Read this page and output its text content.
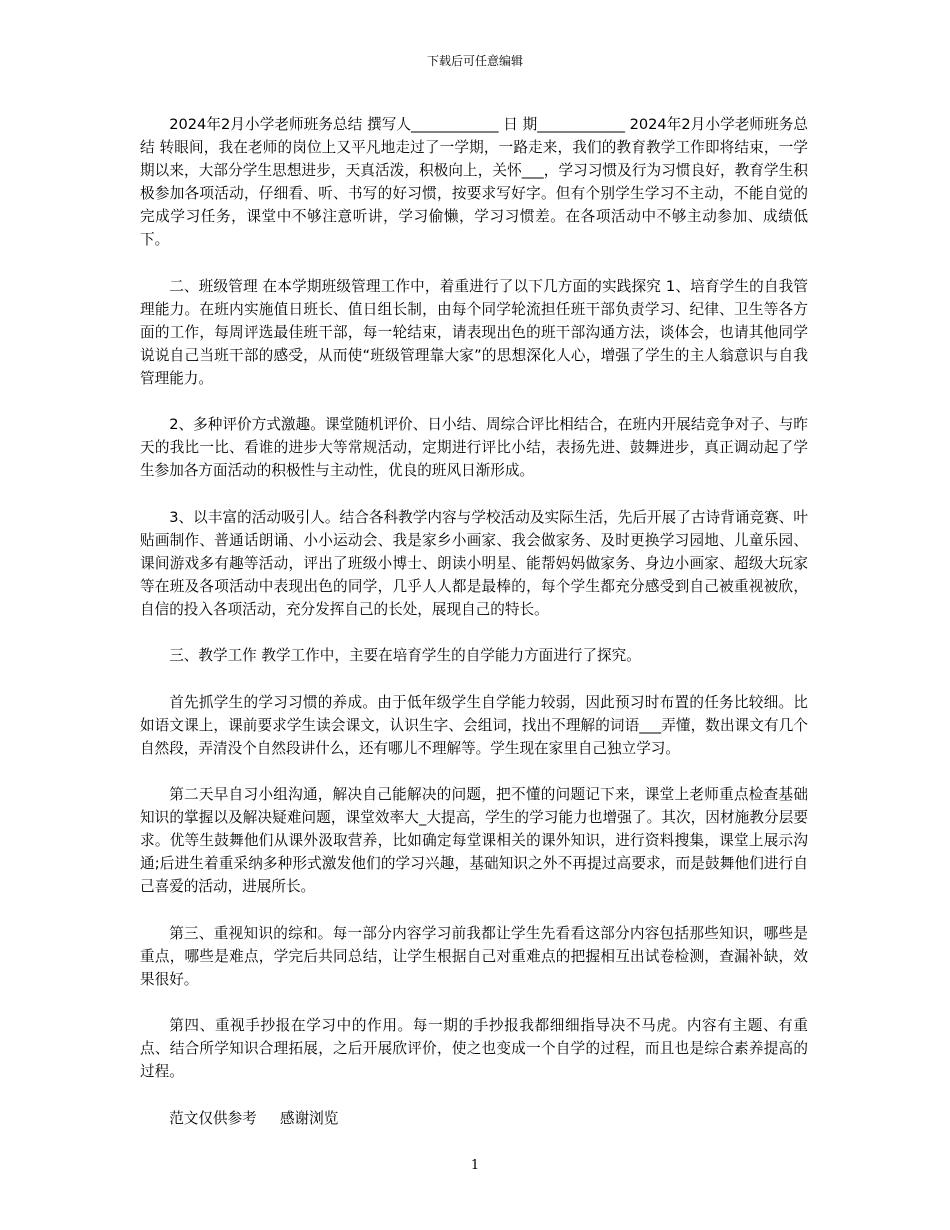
下载后可任意编辑

2024年2月小学老师班务总结 撰写人____________ 日 期____________ 2024年2月小学老师班务总结 转眼间，我在老师的岗位上又平凡地走过了一学期，一路走来，我们的教育教学工作即将结束，一学期以来，大部分学生思想进步，天真活泼，积极向上，关怀___，学习习惯及行为习惯良好，教育学生积极参加各项活动，仔细看、听、书写的好习惯，按要求写好字。但有个别学生学习不主动，不能自觉的完成学习任务，课堂中不够注意听讲，学习偷懒，学习习惯差。在各项活动中不够主动参加、成绩低下。

二、班级管理 在本学期班级管理工作中，着重进行了以下几方面的实践探究 1、培育学生的自我管理能力。在班内实施值日班长、值日组长制，由每个同学轮流担任班干部负责学习、纪律、卫生等各方面的工作，每周评选最佳班干部，每一轮结束，请表现出色的班干部沟通方法，谈体会，也请其他同学说说自己当班干部的感受，从而使“班级管理靠大家”的思想深化人心，增强了学生的主人翁意识与自我管理能力。

2、多种评价方式激趣。课堂随机评价、日小结、周综合评比相结合，在班内开展结竞争对子、与昨天的我比一比、看谁的进步大等常规活动，定期进行评比小结，表扬先进、鼓舞进步，真正调动起了学生参加各方面活动的积极性与主动性，优良的班风日渐形成。

3、以丰富的活动吸引人。结合各科教学内容与学校活动及实际生活，先后开展了古诗背诵竞赛、叶贴画制作、普通话朗诵、小小运动会、我是家乡小画家、我会做家务、及时更换学习园地、儿童乐园、课间游戏多有趣等活动，评出了班级小博士、朗读小明星、能帮妈妈做家务、身边小画家、超级大玩家等在班及各项活动中表现出色的同学，几乎人人都是最棒的，每个学生都充分感受到自己被重视被欣，自信的投入各项活动，充分发挥自己的长处，展现自己的特长。

三、教学工作 教学工作中，主要在培育学生的自学能力方面进行了探究。

首先抓学生的学习习惯的养成。由于低年级学生自学能力较弱，因此预习时布置的任务比较细。比如语文课上，课前要求学生读会课文，认识生字、会组词，找出不理解的词语___弄懂，数出课文有几个自然段，弄清没个自然段讲什么，还有哪儿不理解等。学生现在家里自己独立学习。

第二天早自习小组沟通，解决自己能解决的问题，把不懂的问题记下来，课堂上老师重点检查基础知识的掌握以及解决疑难问题，课堂效率大_大提高，学生的学习能力也增强了。其次，因材施教分层要求。优等生鼓舞他们从课外汲取营养，比如确定每堂课相关的课外知识，进行资料搜集，课堂上展示沟通;后进生着重采纳多种形式激发他们的学习兴趣，基础知识之外不再提过高要求，而是鼓舞他们进行自己喜爱的活动，进展所长。

第三、重视知识的综和。每一部分内容学习前我都让学生先看看这部分内容包括那些知识，哪些是重点，哪些是难点，学完后共同总结，让学生根据自己对重难点的把握相互出试卷检测，查漏补缺，效果很好。

第四、重视手抄报在学习中的作用。每一期的手抄报我都细细指导决不马虎。内容有主题、有重点、结合所学知识合理拓展，之后开展欣评价，使之也变成一个自学的过程，而且也是综合素养提高的过程。

范文仅供参考     感谢浏览

1
